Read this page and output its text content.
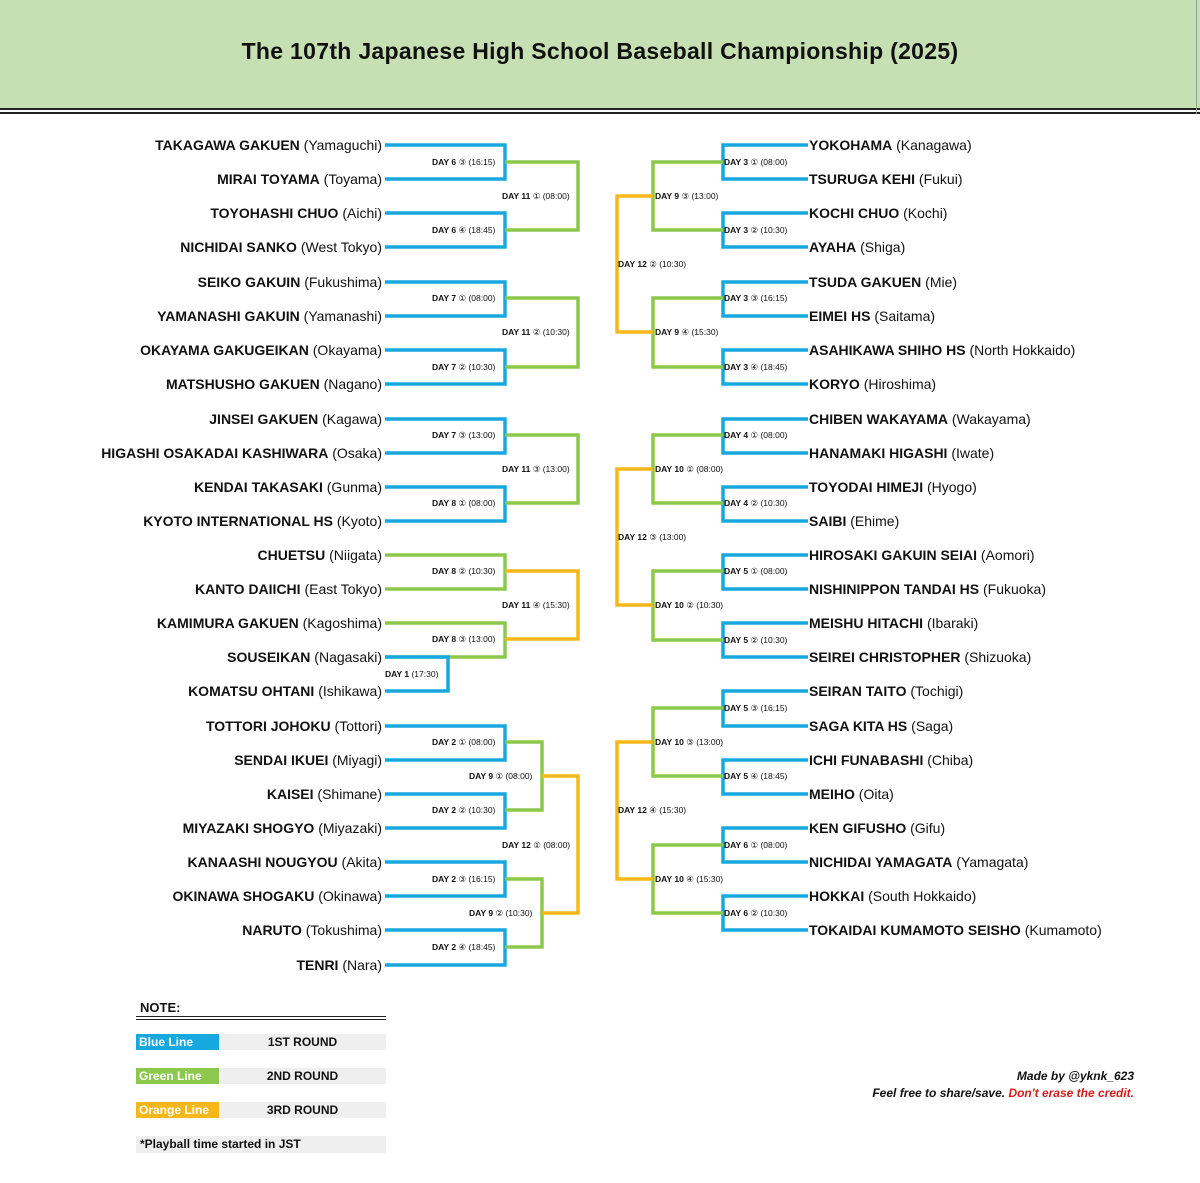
The 107th Japanese High School Baseball Championship (2025)
TAKAGAWA GAKUEN (Yamaguchi)
MIRAI TOYAMA (Toyama)
TOYOHASHI CHUO (Aichi)
NICHIDAI SANKO (West Tokyo)
SEIKO GAKUIN (Fukushima)
YAMANASHI GAKUIN (Yamanashi)
OKAYAMA GAKUGEIKAN (Okayama)
MATSHUSHO GAKUEN (Nagano)
JINSEI GAKUEN (Kagawa)
HIGASHI OSAKADAI KASHIWARA (Osaka)
KENDAI TAKASAKI (Gunma)
KYOTO INTERNATIONAL HS (Kyoto)
CHUETSU (Niigata)
KANTO DAIICHI (East Tokyo)
KAMIMURA GAKUEN (Kagoshima)
SOUSEIKAN (Nagasaki)
KOMATSU OHTANI (Ishikawa)
TOTTORI JOHOKU (Tottori)
SENDAI IKUEI (Miyagi)
KAISEI (Shimane)
MIYAZAKI SHOGYO (Miyazaki)
KANAASHI NOUGYOU (Akita)
OKINAWA SHOGAKU (Okinawa)
NARUTO (Tokushima)
TENRI (Nara)
YOKOHAMA (Kanagawa)
TSURUGA KEHI (Fukui)
KOCHI CHUO (Kochi)
AYAHA (Shiga)
TSUDA GAKUEN (Mie)
EIMEI HS (Saitama)
ASAHIKAWA SHIHO HS (North Hokkaido)
KORYO (Hiroshima)
CHIBEN WAKAYAMA (Wakayama)
HANAMAKI HIGASHI (Iwate)
TOYODAI HIMEJI (Hyogo)
SAIBI (Ehime)
HIROSAKI GAKUIN SEIAI (Aomori)
NISHINIPPON TANDAI HS (Fukuoka)
MEISHU HITACHI (Ibaraki)
SEIREI CHRISTOPHER (Shizuoka)
SEIRAN TAITO (Tochigi)
SAGA KITA HS (Saga)
ICHI FUNABASHI (Chiba)
MEIHO (Oita)
KEN GIFUSHO (Gifu)
NICHIDAI YAMAGATA (Yamagata)
HOKKAI (South Hokkaido)
TOKAIDAI KUMAMOTO SEISHO (Kumamoto)
DAY 6 ③ (16:15)
DAY 6 ④ (18:45)
DAY 7 ① (08:00)
DAY 7 ② (10:30)
DAY 7 ③ (13:00)
DAY 8 ① (08:00)
DAY 8 ② (10:30)
DAY 8 ③ (13:00)
DAY 1 (17:30)
DAY 2 ① (08:00)
DAY 2 ② (10:30)
DAY 2 ③ (16:15)
DAY 2 ④ (18:45)
DAY 11 ① (08:00)
DAY 11 ② (10:30)
DAY 11 ③ (13:00)
DAY 11 ④ (15:30)
DAY 9 ① (08:00)
DAY 9 ② (10:30)
DAY 12 ① (08:00)
DAY 3 ① (08:00)
DAY 3 ② (10:30)
DAY 3 ③ (16:15)
DAY 3 ④ (18:45)
DAY 4 ① (08:00)
DAY 4 ② (10:30)
DAY 5 ① (08:00)
DAY 5 ② (10:30)
DAY 5 ③ (16:15)
DAY 5 ④ (18:45)
DAY 6 ① (08:00)
DAY 6 ② (10:30)
DAY 9 ③ (13:00)
DAY 9 ④ (15:30)
DAY 10 ① (08:00)
DAY 10 ② (10:30)
DAY 10 ③ (13:00)
DAY 10 ④ (15:30)
DAY 12 ② (10:30)
DAY 12 ③ (13:00)
DAY 12 ④ (15:30)
NOTE:
Blue Line	1ST ROUND
Green Line	2ND ROUND
Orange Line	3RD ROUND
*Playball time started in JST
Made by @yknk_623
Feel free to share/save. Don't erase the credit.
